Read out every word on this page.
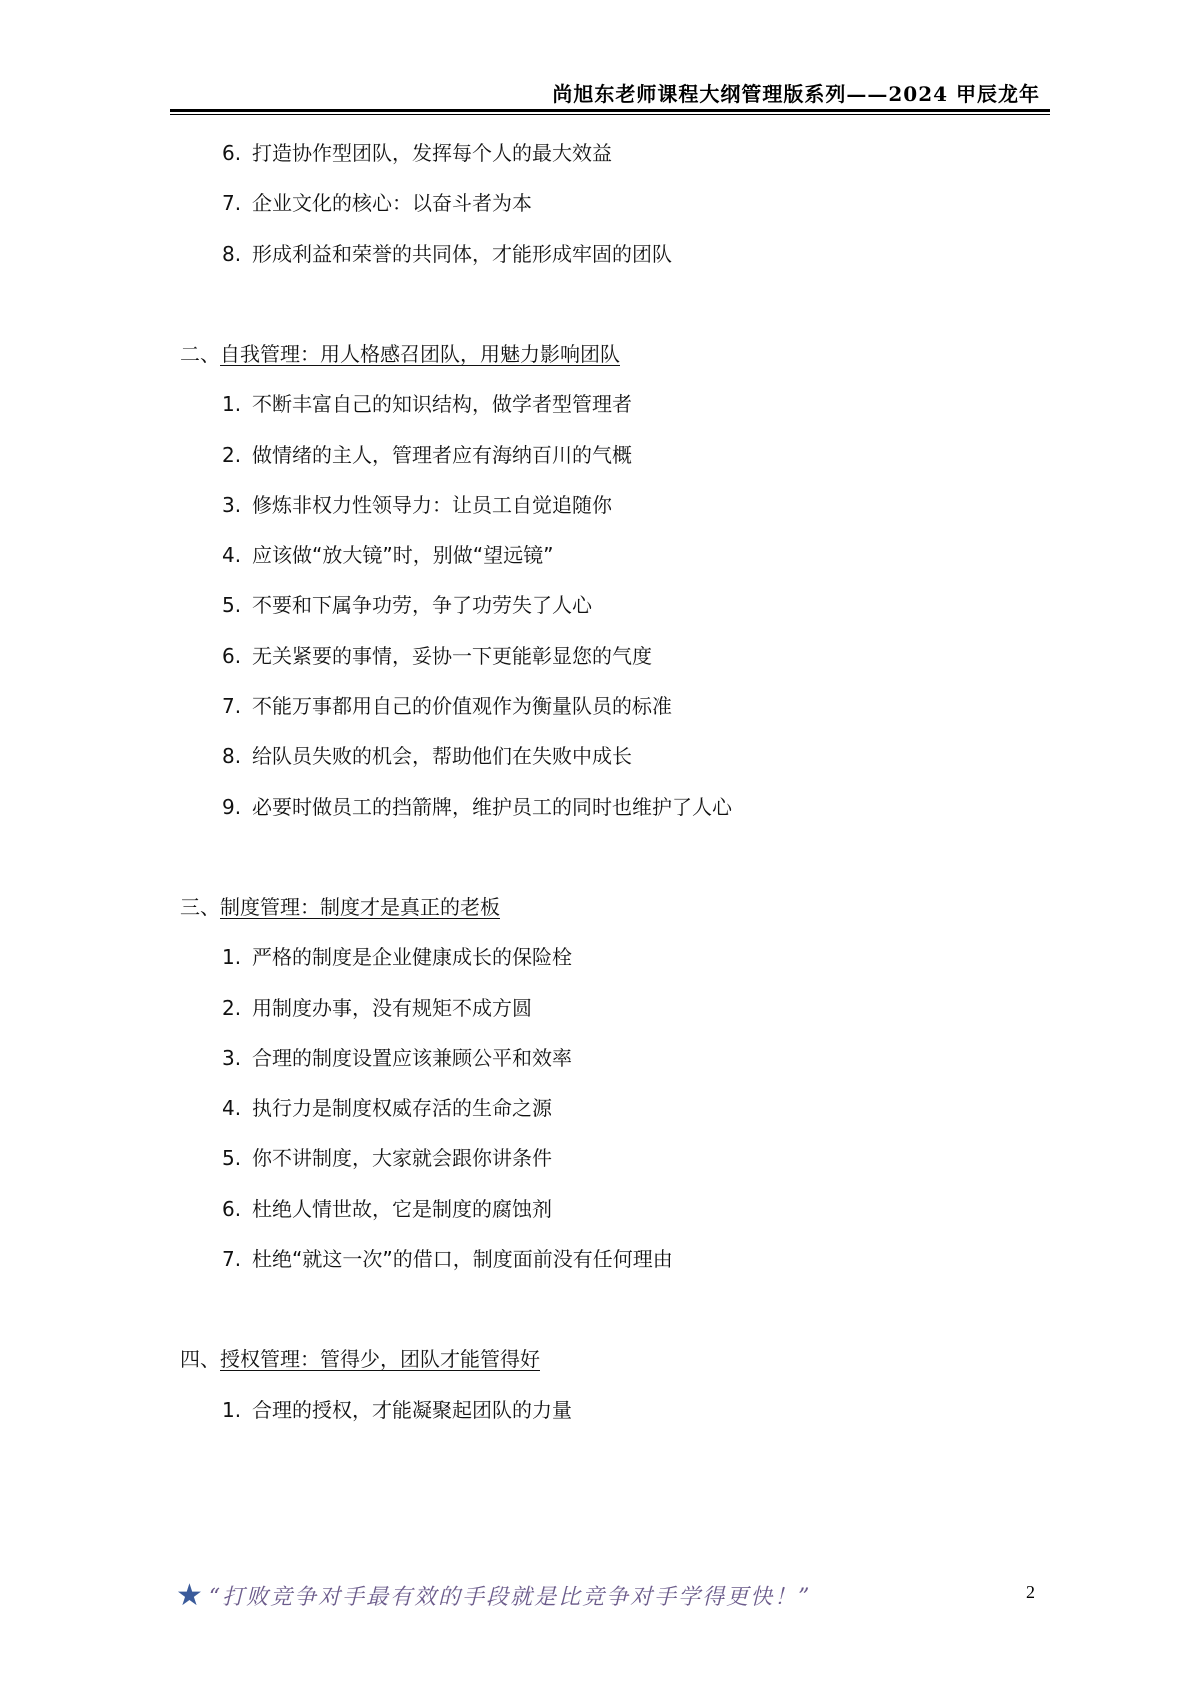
尚旭东老师课程大纲管理版系列——2024 甲辰龙年
6. 打造协作型团队，发挥每个人的最大效益
7. 企业文化的核心：以奋斗者为本
8. 形成利益和荣誉的共同体，才能形成牢固的团队
二、自我管理：用人格感召团队，用魅力影响团队
1. 不断丰富自己的知识结构，做学者型管理者
2. 做情绪的主人，管理者应有海纳百川的气概
3. 修炼非权力性领导力：让员工自觉追随你
4. 应该做“放大镜”时，别做“望远镜”
5. 不要和下属争功劳，争了功劳失了人心
6. 无关紧要的事情，妥协一下更能彰显您的气度
7. 不能万事都用自己的价值观作为衡量队员的标准
8. 给队员失败的机会，帮助他们在失败中成长
9. 必要时做员工的挡箭牌，维护员工的同时也维护了人心
三、制度管理：制度才是真正的老板
1. 严格的制度是企业健康成长的保险栓
2. 用制度办事，没有规矩不成方圆
3. 合理的制度设置应该兼顾公平和效率
4. 执行力是制度权威存活的生命之源
5. 你不讲制度，大家就会跟你讲条件
6. 杜绝人情世故，它是制度的腐蚀剂
7. 杜绝“就这一次”的借口，制度面前没有任何理由
四、授权管理：管得少，团队才能管得好
1. 合理的授权，才能凝聚起团队的力量
★ “打败竞争对手最有效的手段就是比竞争对手学得更快！”	2
